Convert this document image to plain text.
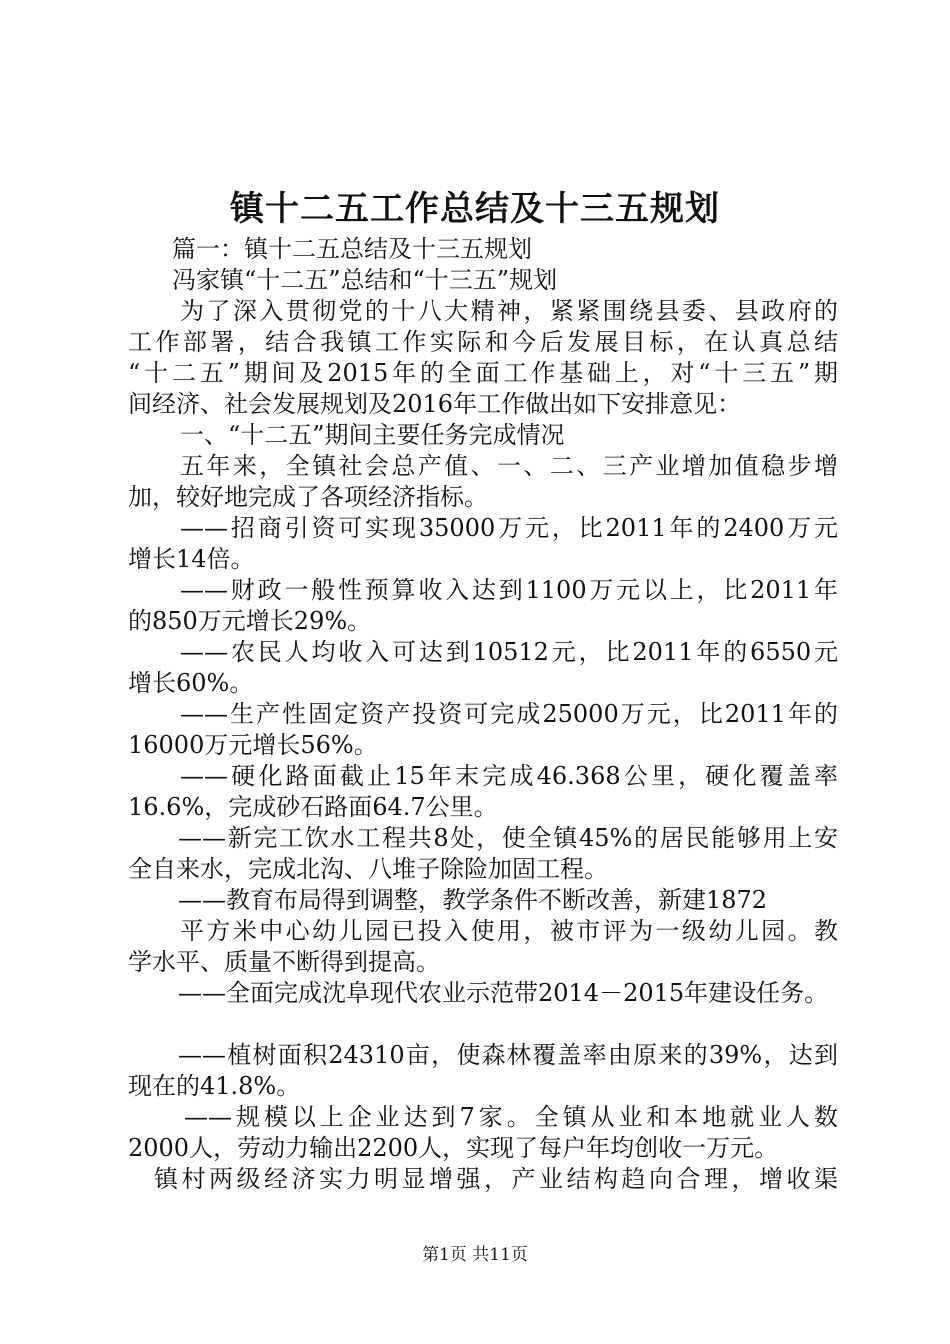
镇十二五工作总结及十三五规划
篇一：镇十二五总结及十三五规划
冯家镇“十二五”总结和“十三五”规划
为了深入贯彻党的十八大精神，紧紧围绕县委、县政府的
工作部署，结合我镇工作实际和今后发展目标，在认真总结
“十二五”期间及2015年的全面工作基础上，对“十三五”期
间经济、社会发展规划及2016年工作做出如下安排意见：
一、“十二五”期间主要任务完成情况
五年来，全镇社会总产值、一、二、三产业增加值稳步增
加，较好地完成了各项经济指标。
——招商引资可实现35000万元，比2011年的2400万元
增长14倍。
——财政一般性预算收入达到1100万元以上，比2011年
的850万元增长29%。
——农民人均收入可达到10512元，比2011年的6550元
增长60%。
——生产性固定资产投资可完成25000万元，比2011年的
16000万元增长56%。
——硬化路面截止15年末完成46.368公里，硬化覆盖率
16.6%，完成砂石路面64.7公里。
——新完工饮水工程共8处，使全镇45%的居民能够用上安
全自来水，完成北沟、八堆子除险加固工程。
——教育布局得到调整，教学条件不断改善，新建1872
平方米中心幼儿园已投入使用，被市评为一级幼儿园。教
学水平、质量不断得到提高。
——全面完成沈阜现代农业示范带2014－2015年建设任务。
——植树面积24310亩，使森林覆盖率由原来的39%，达到
现在的41.8%。
——规模以上企业达到7家。全镇从业和本地就业人数
2000人，劳动力输出2200人，实现了每户年均创收一万元。
镇村两级经济实力明显增强，产业结构趋向合理，增收渠
第1页 共11页
